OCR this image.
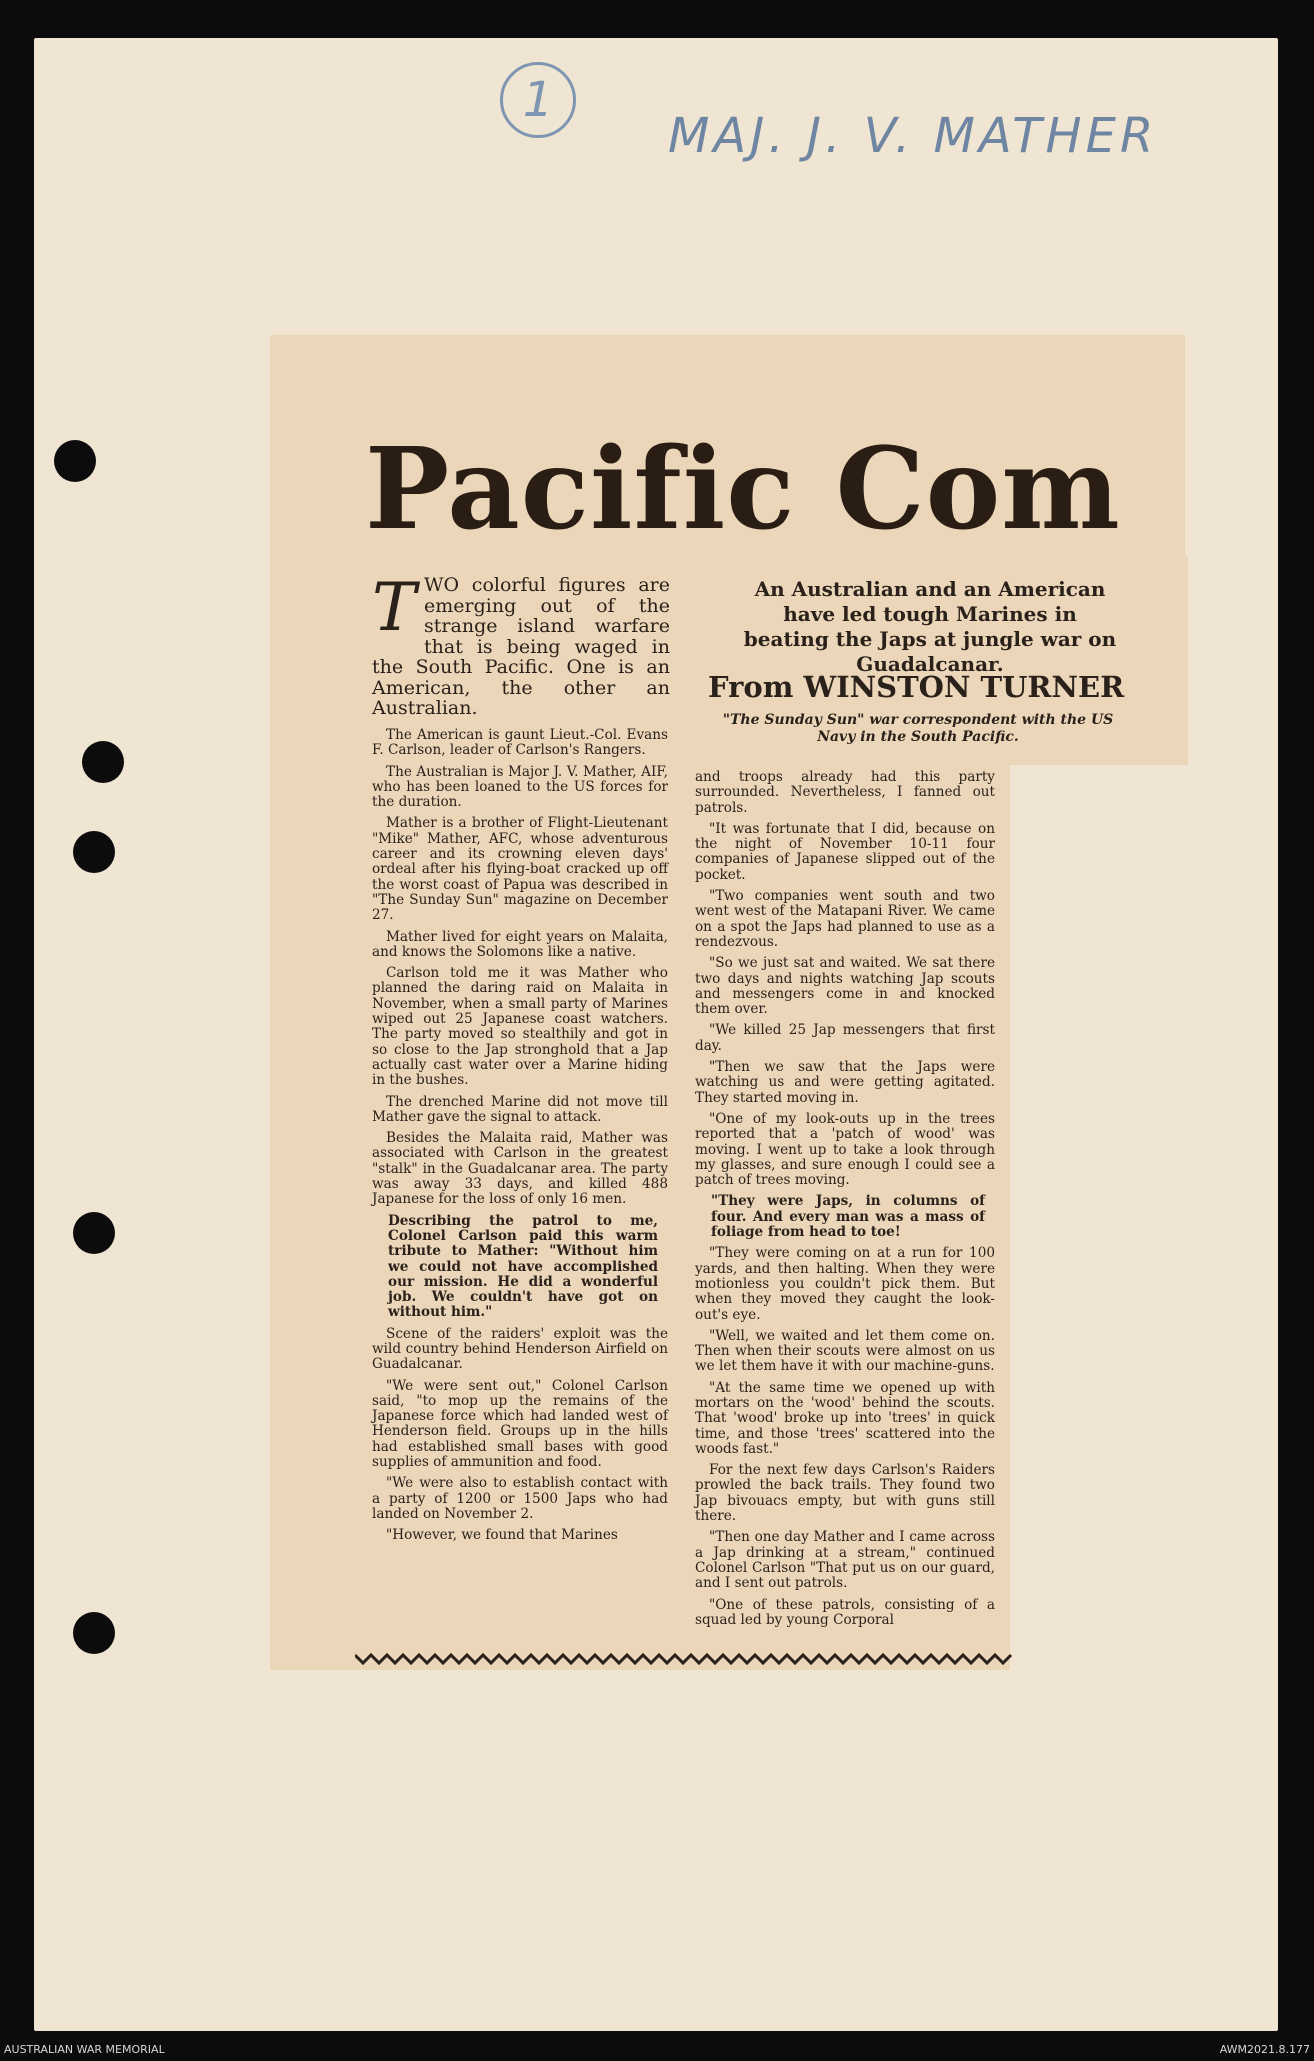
1
MAJ. J. V. MATHER
Pacific Com
TWO colorful figures are emerging out of the strange island warfare that is being waged in the South Pacific. One is an American, the other an Australian.
An Australian and an American have led tough Marines in beating the Japs at jungle war on Guadalcanar.
From WINSTON TURNER
"The Sunday Sun" war correspondent with the US Navy in the South Pacific.

The American is gaunt Lieut.-Col. Evans F. Carlson, leader of Carlson's Rangers.

The Australian is Major J. V. Mather, AIF, who has been loaned to the US forces for the duration.

Mather is a brother of Flight-Lieutenant "Mike" Mather, AFC, whose adventurous career and its crowning eleven days' ordeal after his flying-boat cracked up off the worst coast of Papua was described in "The Sunday Sun" magazine on December 27.

Mather lived for eight years on Malaita, and knows the Solomons like a native.

Carlson told me it was Mather who planned the daring raid on Malaita in November, when a small party of Marines wiped out 25 Japanese coast watchers. The party moved so stealthily and got in so close to the Jap stronghold that a Jap actually cast water over a Marine hiding in the bushes.

The drenched Marine did not move till Mather gave the signal to attack.

Besides the Malaita raid, Mather was associated with Carlson in the greatest "stalk" in the Guadalcanar area. The party was away 33 days, and killed 488 Japanese for the loss of only 16 men.

Describing the patrol to me, Colonel Carlson paid this warm tribute to Mather: "Without him we could not have accomplished our mission. He did a wonderful job. We couldn't have got on without him."

Scene of the raiders' exploit was the wild country behind Henderson Airfield on Guadalcanar.

"We were sent out," Colonel Carlson said, "to mop up the remains of the Japanese force which had landed west of Henderson field. Groups up in the hills had established small bases with good supplies of ammunition and food.

"We were also to establish contact with a party of 1200 or 1500 Japs who had landed on November 2.

"However, we found that Marines

and troops already had this party surrounded. Nevertheless, I fanned out patrols.

"It was fortunate that I did, because on the night of November 10-11 four companies of Japanese slipped out of the pocket.

"Two companies went south and two went west of the Matapani River. We came on a spot the Japs had planned to use as a rendezvous.

"So we just sat and waited. We sat there two days and nights watching Jap scouts and messengers come in and knocked them over.

"We killed 25 Jap messengers that first day.

"Then we saw that the Japs were watching us and were getting agitated. They started moving in.

"One of my look-outs up in the trees reported that a 'patch of wood' was moving. I went up to take a look through my glasses, and sure enough I could see a patch of trees moving.

"They were Japs, in columns of four. And every man was a mass of foliage from head to toe!

"They were coming on at a run for 100 yards, and then halting. When they were motionless you couldn't pick them. But when they moved they caught the look-out's eye.

"Well, we waited and let them come on. Then when their scouts were almost on us we let them have it with our machine-guns.

"At the same time we opened up with mortars on the 'wood' behind the scouts. That 'wood' broke up into 'trees' in quick time, and those 'trees' scattered into the woods fast."

For the next few days Carlson's Raiders prowled the back trails. They found two Jap bivouacs empty, but with guns still there.

"Then one day Mather and I came across a Jap drinking at a stream," continued Colonel Carlson "That put us on our guard, and I sent out patrols.

"One of these patrols, consisting of a squad led by young Corporal

AUSTRALIAN WAR MEMORIAL	AWM2021.8.177
